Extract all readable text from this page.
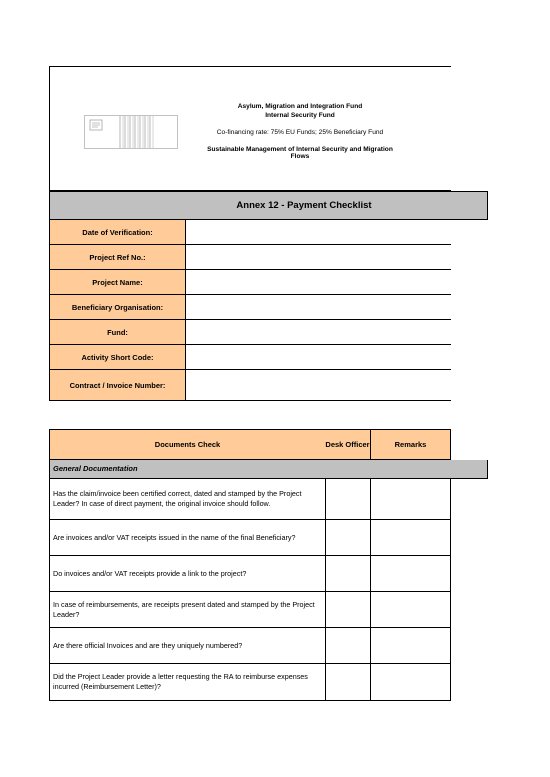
Asylum, Migration and Integration Fund
Internal Security Fund
Co-financing rate: 75% EU Funds; 25% Beneficiary Fund
Sustainable Management of Internal Security and Migration Flows
Annex 12 - Payment Checklist
Date of Verification:
Project Ref No.:
Project Name:
Beneficiary Organisation:
Fund:
Activity Short Code:
Contract / Invoice Number:
Documents Check	Desk Officer	Remarks
General Documentation
Has the claim/invoice been certified correct, dated and stamped by the Project Leader? In case of direct payment, the original invoice should follow.
Are invoices and/or VAT receipts issued in the name of the final Beneficiary?
Do invoices and/or VAT receipts provide a link to the project?
In case of reimbursements, are receipts present dated and stamped by the Project Leader?
Are there official Invoices and are they uniquely numbered?
Did the Project Leader provide a letter requesting the RA to reimburse expenses incurred (Reimbursement Letter)?
